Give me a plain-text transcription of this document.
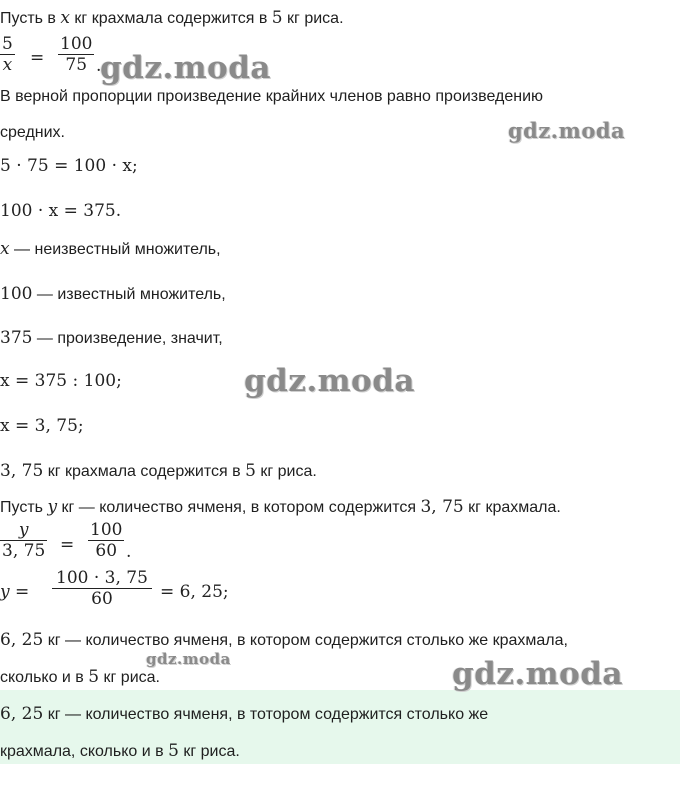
Пусть в x кг крахмала содержится в 5 кг риса.
5
x =
100
75 .
В верной пропорции произведение крайних членов равно произведению
средних.
5 · 75 = 100 · x;
100 · x = 375.
x — неизвестный множитель,
100 — известный множитель,
375 — произведение, значит,
x = 375 : 100;
x = 3, 75;
3, 75 кг крахмала содержится в 5 кг риса.
Пусть y кг — количество ячменя, в котором содержится 3, 75 кг крахмала.
y
3, 75 =
100
60 .
y =
100 · 3, 75
60	= 6, 25;
6, 25 кг — количество ячменя, в котором содержится столько же крахмала,
сколько и в 5 кг риса.
6, 25 кг — количество ячменя, в тотором содержится столько же
крахмала, сколько и в 5 кг риса.
gdz.moda
gdz.moda
gdz.moda
gdz.moda	gdz.moda
